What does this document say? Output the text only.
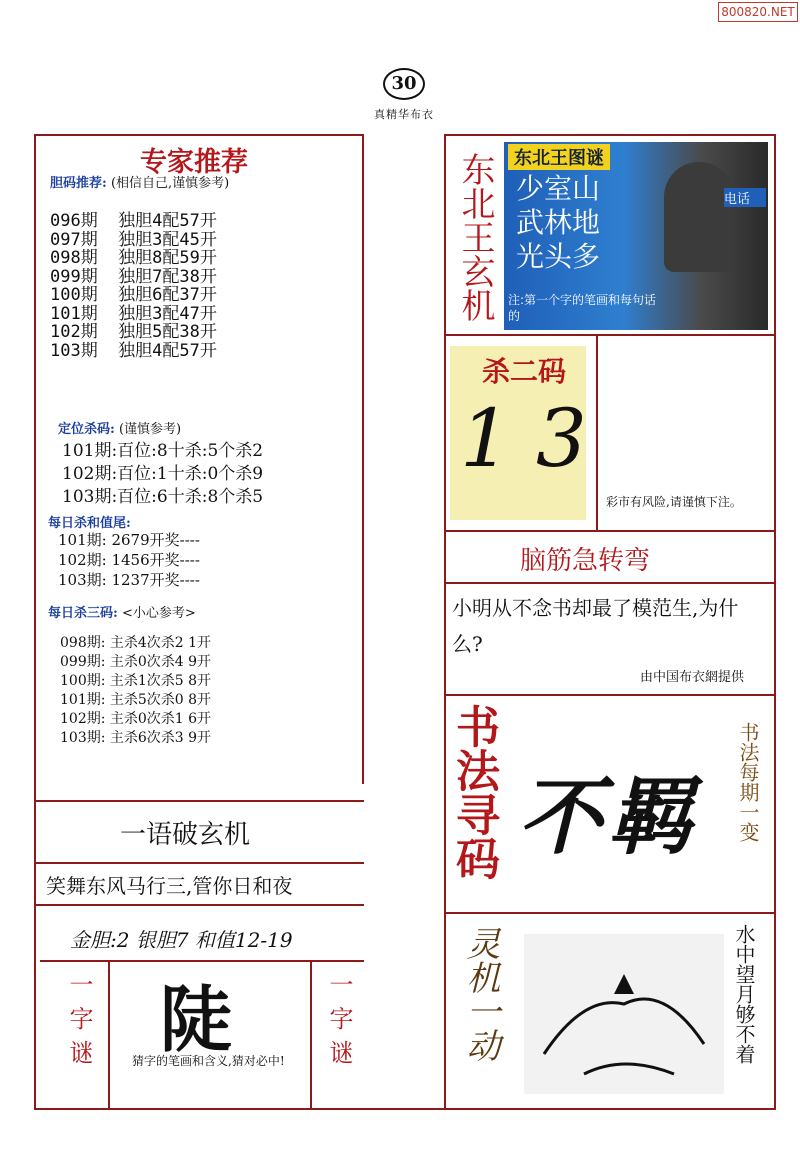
800820.NET
30
真精华布衣
专家推荐
胆码推荐: (相信自己,谨慎参考)
096期  独胆4配57开
097期  独胆3配45开
098期  独胆8配59开
099期  独胆7配38开
100期  独胆6配37开
101期  独胆3配47开
102期  独胆5配38开
103期  独胆4配57开
定位杀码: (谨慎参考)
101期:百位:8十杀:5个杀2
102期:百位:1十杀:0个杀9
103期:百位:6十杀:8个杀5
每日杀和值尾:
101期: 2679开奖----
102期: 1456开奖----
103期: 1237开奖----
每日杀三码: <小心参考>
098期: 主杀4次杀2 1开
099期: 主杀0次杀4 9开
100期: 主杀1次杀5 8开
101期: 主杀5次杀0 8开
102期: 主杀0次杀1 6开
103期: 主杀6次杀3 9开
一语破玄机
笑舞东风马行三,管你日和夜
金胆:2 银胆7 和值12-19
一字谜 陡
猜字的笔画和含义,猜对必中!	一字谜
东北王玄机	东北王图谜
少室山
武林地
光头多
电话
注:第一个字的笔画和每句话的
杀二码
1 3
彩市有风险,请谨慎下注。
脑筋急转弯
小明从不念书却最了模范生,为什么?
由中国布衣網提供
书法寻码 不羁 书法每期一变
灵机一动	水中望月够不着
